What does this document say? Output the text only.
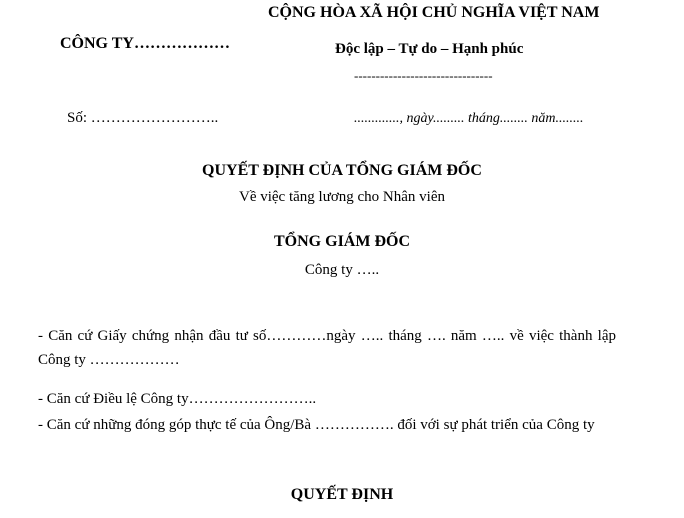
CỘNG HÒA XÃ HỘI CHỦ NGHĨA VIỆT NAM
CÔNG TY………………	Độc lập – Tự do – Hạnh phúc
--------------------------------
Số: ……………………..	............., ngày......... tháng........ năm........
QUYẾT ĐỊNH CỦA TỔNG GIÁM ĐỐC
Về việc tăng lương cho Nhân viên
TỔNG GIÁM ĐỐC
Công ty …..
- Căn cứ Giấy chứng nhận đầu tư số…………ngày ….. tháng …. năm ….. về việc thành lập Công ty ………………
- Căn cứ Điều lệ Công ty……………………..
- Căn cứ những đóng góp thực tế của Ông/Bà ……………. đối với sự phát triển của Công ty
QUYẾT ĐỊNH
